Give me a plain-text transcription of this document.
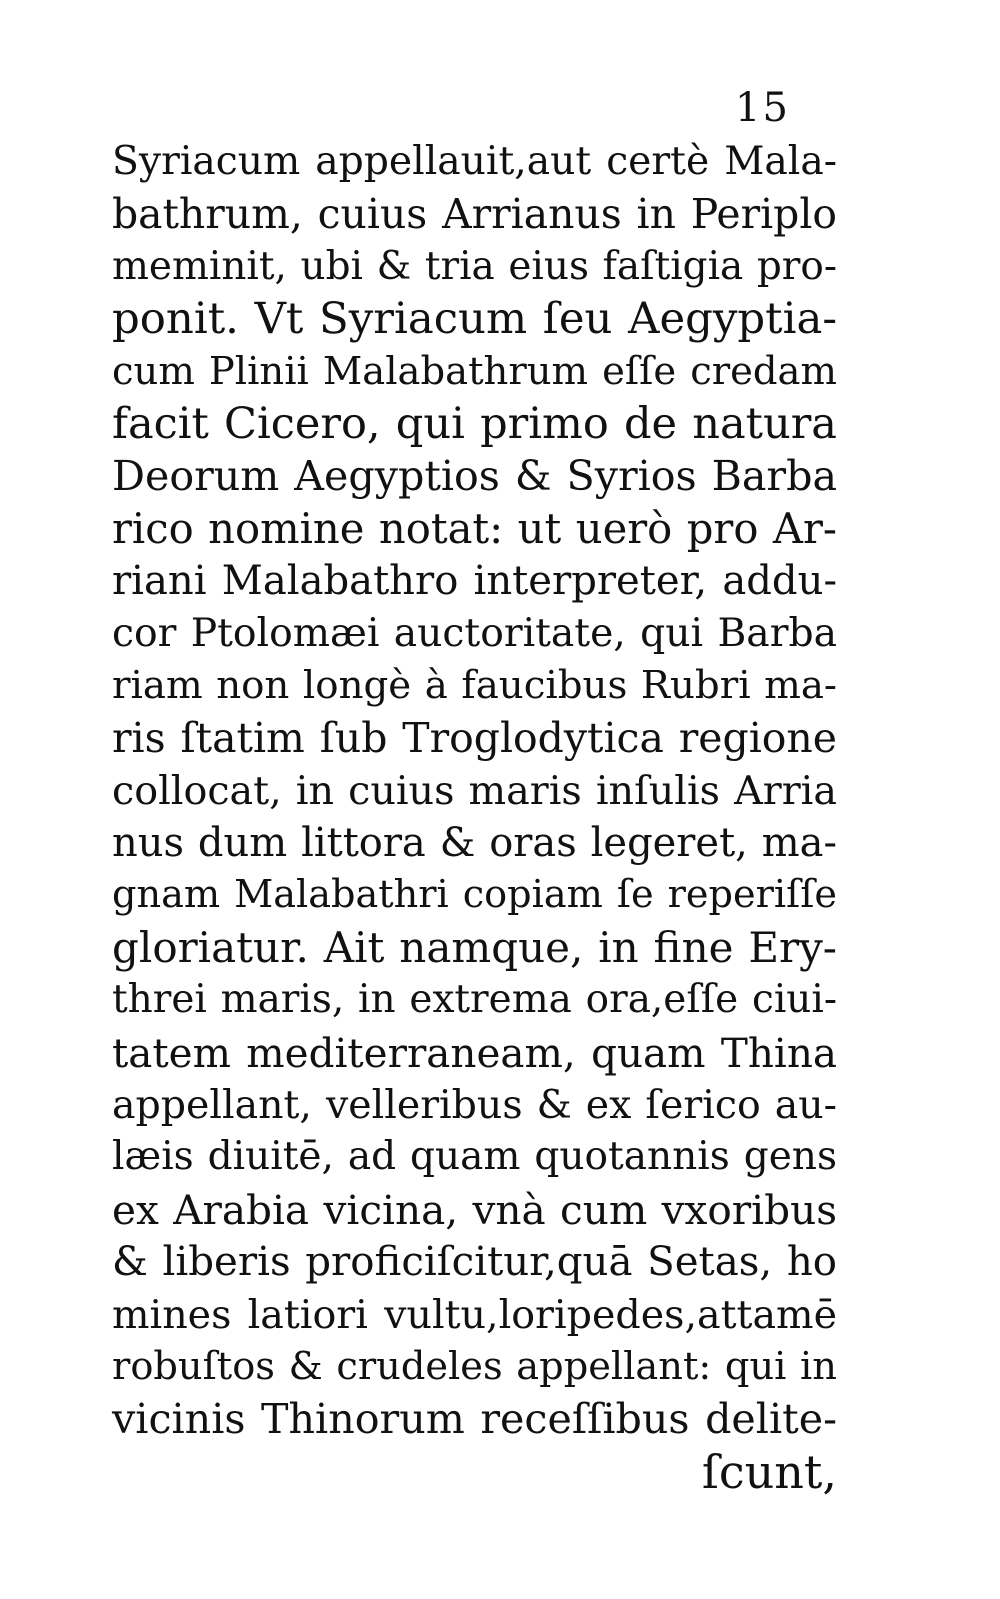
15
Syriacum appellauit,aut certè Mala-
bathrum, cuius Arrianus in Periplo
meminit, ubi & tria eius faſtigia pro-
ponit. Vt Syriacum ſeu Aegyptia-
cum Plinii Malabathrum eſſe credam
facit Cicero, qui primo de natura
Deorum Aegyptios & Syrios Barba
rico nomine notat: ut uerò pro Ar-
riani Malabathro interpreter, addu-
cor Ptolomæi auctoritate, qui Barba
riam non longè à faucibus Rubri ma-
ris ſtatim ſub Troglodytica regione
collocat, in cuius maris inſulis Arria
nus dum littora & oras legeret, ma-
gnam Malabathri copiam ſe reperiſſe
gloriatur. Ait namque, in fine Ery-
threi maris, in extrema ora,eſſe ciui-
tatem mediterraneam, quam Thina
appellant, velleribus & ex ſerico au-
læis diuitē, ad quam quotannis gens
ex Arabia vicina, vnà cum vxoribus
& liberis proficiſcitur,quā Setas, ho
mines latiori vultu,loripedes,attamē
robuſtos & crudeles appellant: qui in
vicinis Thinorum receſſibus delite-
ſcunt,
